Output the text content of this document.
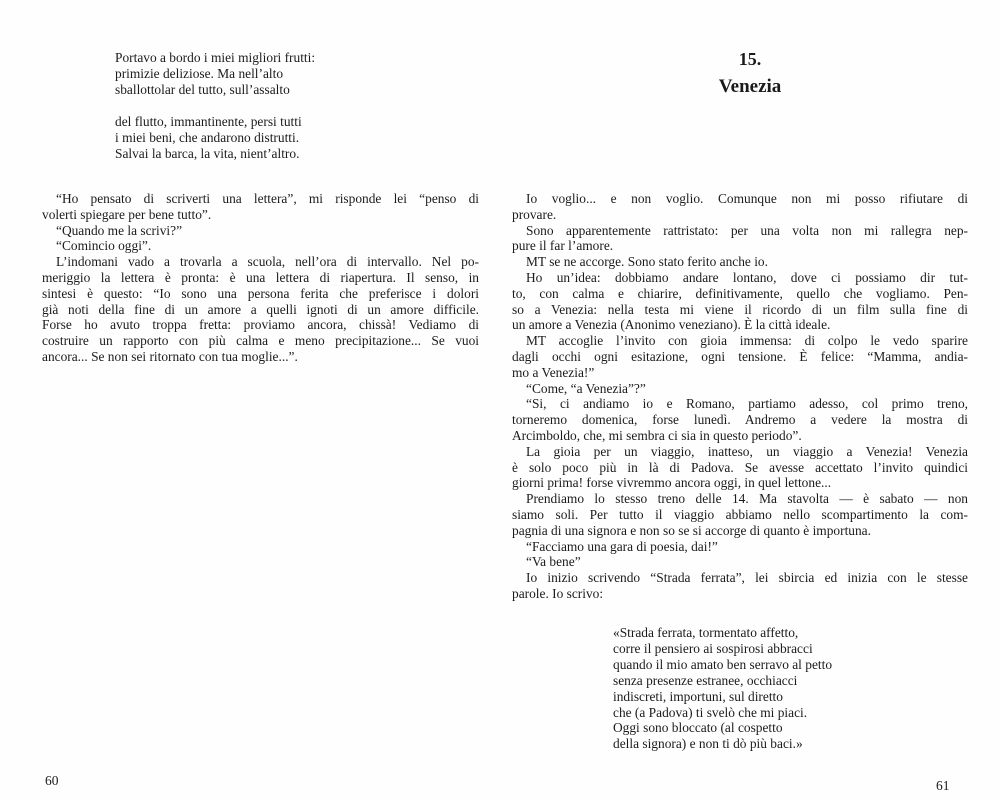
Portavo a bordo i miei migliori frutti:
primizie deliziose. Ma nell’alto
sballottolar del tutto, sull’assalto
del flutto, immantinente, persi tutti
i miei beni, che andarono distrutti.
Salvai la barca, la vita, nient’altro.
15.
Venezia
“Ho pensato di scriverti una lettera”, mi risponde lei “penso di
volerti spiegare per bene tutto”.
“Quando me la scrivi?”
“Comincio oggi”.
L’indomani vado a trovarla a scuola, nell’ora di intervallo. Nel po-
meriggio la lettera è pronta: è una lettera di riapertura. Il senso, in
sintesi è questo: “Io sono una persona ferita che preferisce i dolori
già noti della fine di un amore a quelli ignoti di un amore difficile.
Forse ho avuto troppa fretta: proviamo ancora, chissà! Vediamo di
costruire un rapporto con più calma e meno precipitazione... Se vuoi
ancora... Se non sei ritornato con tua moglie...”.
Io voglio... e non voglio. Comunque non mi posso rifiutare di
provare.
Sono apparentemente rattristato: per una volta non mi rallegra nep-
pure il far l’amore.
MT se ne accorge. Sono stato ferito anche io.
Ho un’idea: dobbiamo andare lontano, dove ci possiamo dir tut-
to, con calma e chiarire, definitivamente, quello che vogliamo. Pen-
so a Venezia: nella testa mi viene il ricordo di un film sulla fine di
un amore a Venezia (Anonimo veneziano). È la città ideale.
MT accoglie l’invito con gioia immensa: di colpo le vedo sparire
dagli occhi ogni esitazione, ogni tensione. È felice: “Mamma, andia-
mo a Venezia!”
“Come, “a Venezia”?”
“Si, ci andiamo io e Romano, partiamo adesso, col primo treno,
torneremo domenica, forse lunedì. Andremo a vedere la mostra di
Arcimboldo, che, mi sembra ci sia in questo periodo”.
La gioia per un viaggio, inatteso, un viaggio a Venezia! Venezia
è solo poco più in là di Padova. Se avesse accettato l’invito quindici
giorni prima! forse vivremmo ancora oggi, in quel lettone...
Prendiamo lo stesso treno delle 14. Ma stavolta — è sabato — non
siamo soli. Per tutto il viaggio abbiamo nello scompartimento la com-
pagnia di una signora e non so se si accorge di quanto è importuna.
“Facciamo una gara di poesia, dai!”
“Va bene”
Io inizio scrivendo “Strada ferrata”, lei sbircia ed inizia con le stesse
parole. Io scrivo:
«Strada ferrata, tormentato affetto,
corre il pensiero ai sospirosi abbracci
quando il mio amato ben serravo al petto
senza presenze estranee, occhiacci
indiscreti, importuni, sul diretto
che (a Padova) ti svelò che mi piaci.
Oggi sono bloccato (al cospetto
della signora) e non ti dò più baci.»
60	61
